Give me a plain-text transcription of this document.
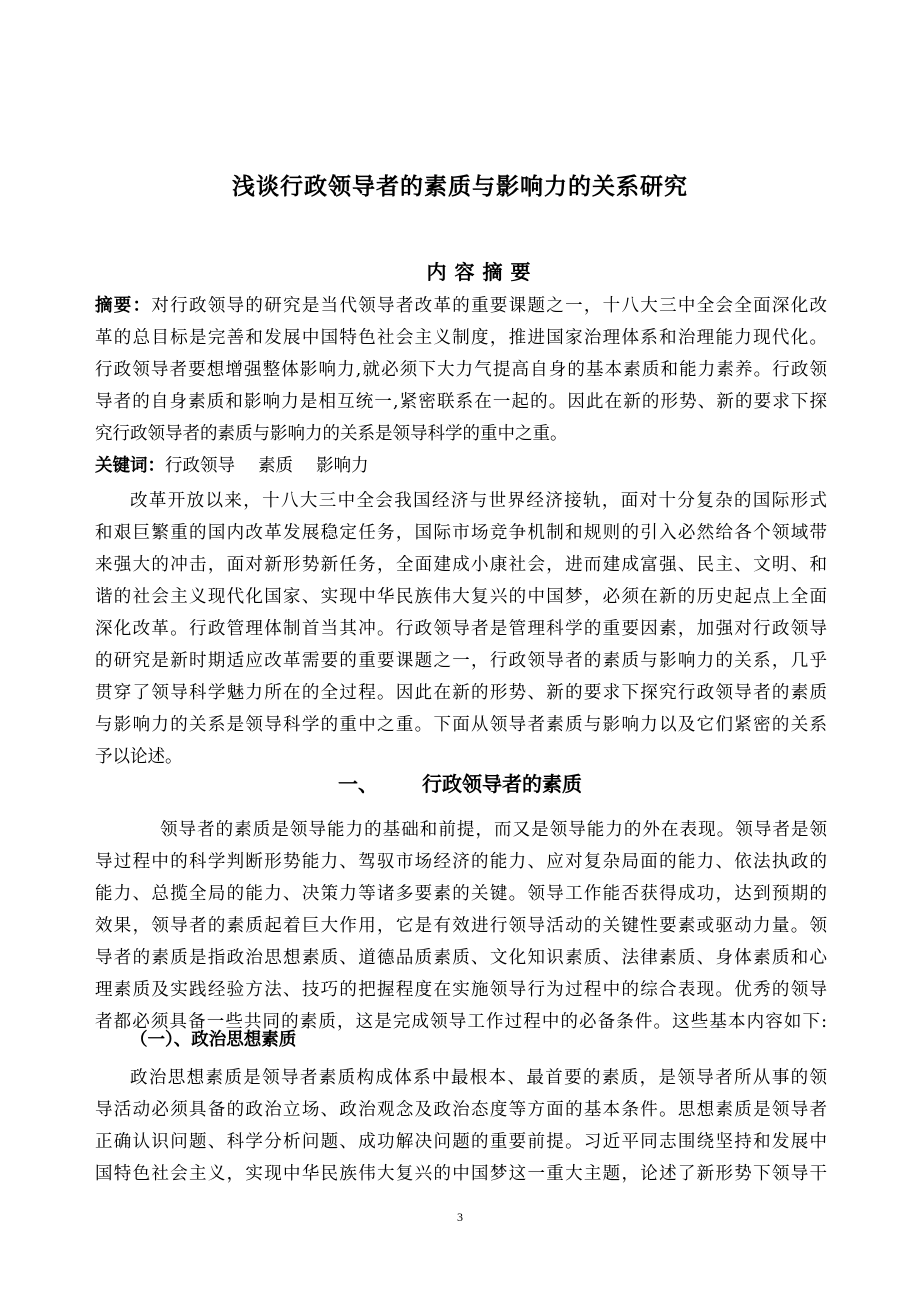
浅谈行政领导者的素质与影响力的关系研究
内容摘要
摘要：对行政领导的研究是当代领导者改革的重要课题之一，十八大三中全会全面深化改
革的总目标是完善和发展中国特色社会主义制度，推进国家治理体系和治理能力现代化。
行政领导者要想增强整体影响力,就必须下大力气提高自身的基本素质和能力素养。行政领
导者的自身素质和影响力是相互统一,紧密联系在一起的。因此在新的形势、新的要求下探
究行政领导者的素质与影响力的关系是领导科学的重中之重。
关键词：行政领导　 素质　 影响力
改革开放以来，十八大三中全会我国经济与世界经济接轨，面对十分复杂的国际形式
和艰巨繁重的国内改革发展稳定任务，国际市场竞争机制和规则的引入必然给各个领域带
来强大的冲击，面对新形势新任务，全面建成小康社会，进而建成富强、民主、文明、和
谐的社会主义现代化国家、实现中华民族伟大复兴的中国梦，必须在新的历史起点上全面
深化改革。行政管理体制首当其冲。行政领导者是管理科学的重要因素，加强对行政领导
的研究是新时期适应改革需要的重要课题之一，行政领导者的素质与影响力的关系，几乎
贯穿了领导科学魅力所在的全过程。因此在新的形势、新的要求下探究行政领导者的素质
与影响力的关系是领导科学的重中之重。下面从领导者素质与影响力以及它们紧密的关系
予以论述。
一、 行政领导者的素质
领导者的素质是领导能力的基础和前提，而又是领导能力的外在表现。领导者是领
导过程中的科学判断形势能力、驾驭市场经济的能力、应对复杂局面的能力、依法执政的
能力、总揽全局的能力、决策力等诸多要素的关键。领导工作能否获得成功，达到预期的
效果，领导者的素质起着巨大作用，它是有效进行领导活动的关键性要素或驱动力量。领
导者的素质是指政治思想素质、道德品质素质、文化知识素质、法律素质、身体素质和心
理素质及实践经验方法、技巧的把握程度在实施领导行为过程中的综合表现。优秀的领导
者都必须具备一些共同的素质，这是完成领导工作过程中的必备条件。这些基本内容如下:
（一）、政治思想素质
政治思想素质是领导者素质构成体系中最根本、最首要的素质，是领导者所从事的领
导活动必须具备的政治立场、政治观念及政治态度等方面的基本条件。思想素质是领导者
正确认识问题、科学分析问题、成功解决问题的重要前提。习近平同志围绕坚持和发展中
国特色社会主义，实现中华民族伟大复兴的中国梦这一重大主题，论述了新形势下领导干
3
